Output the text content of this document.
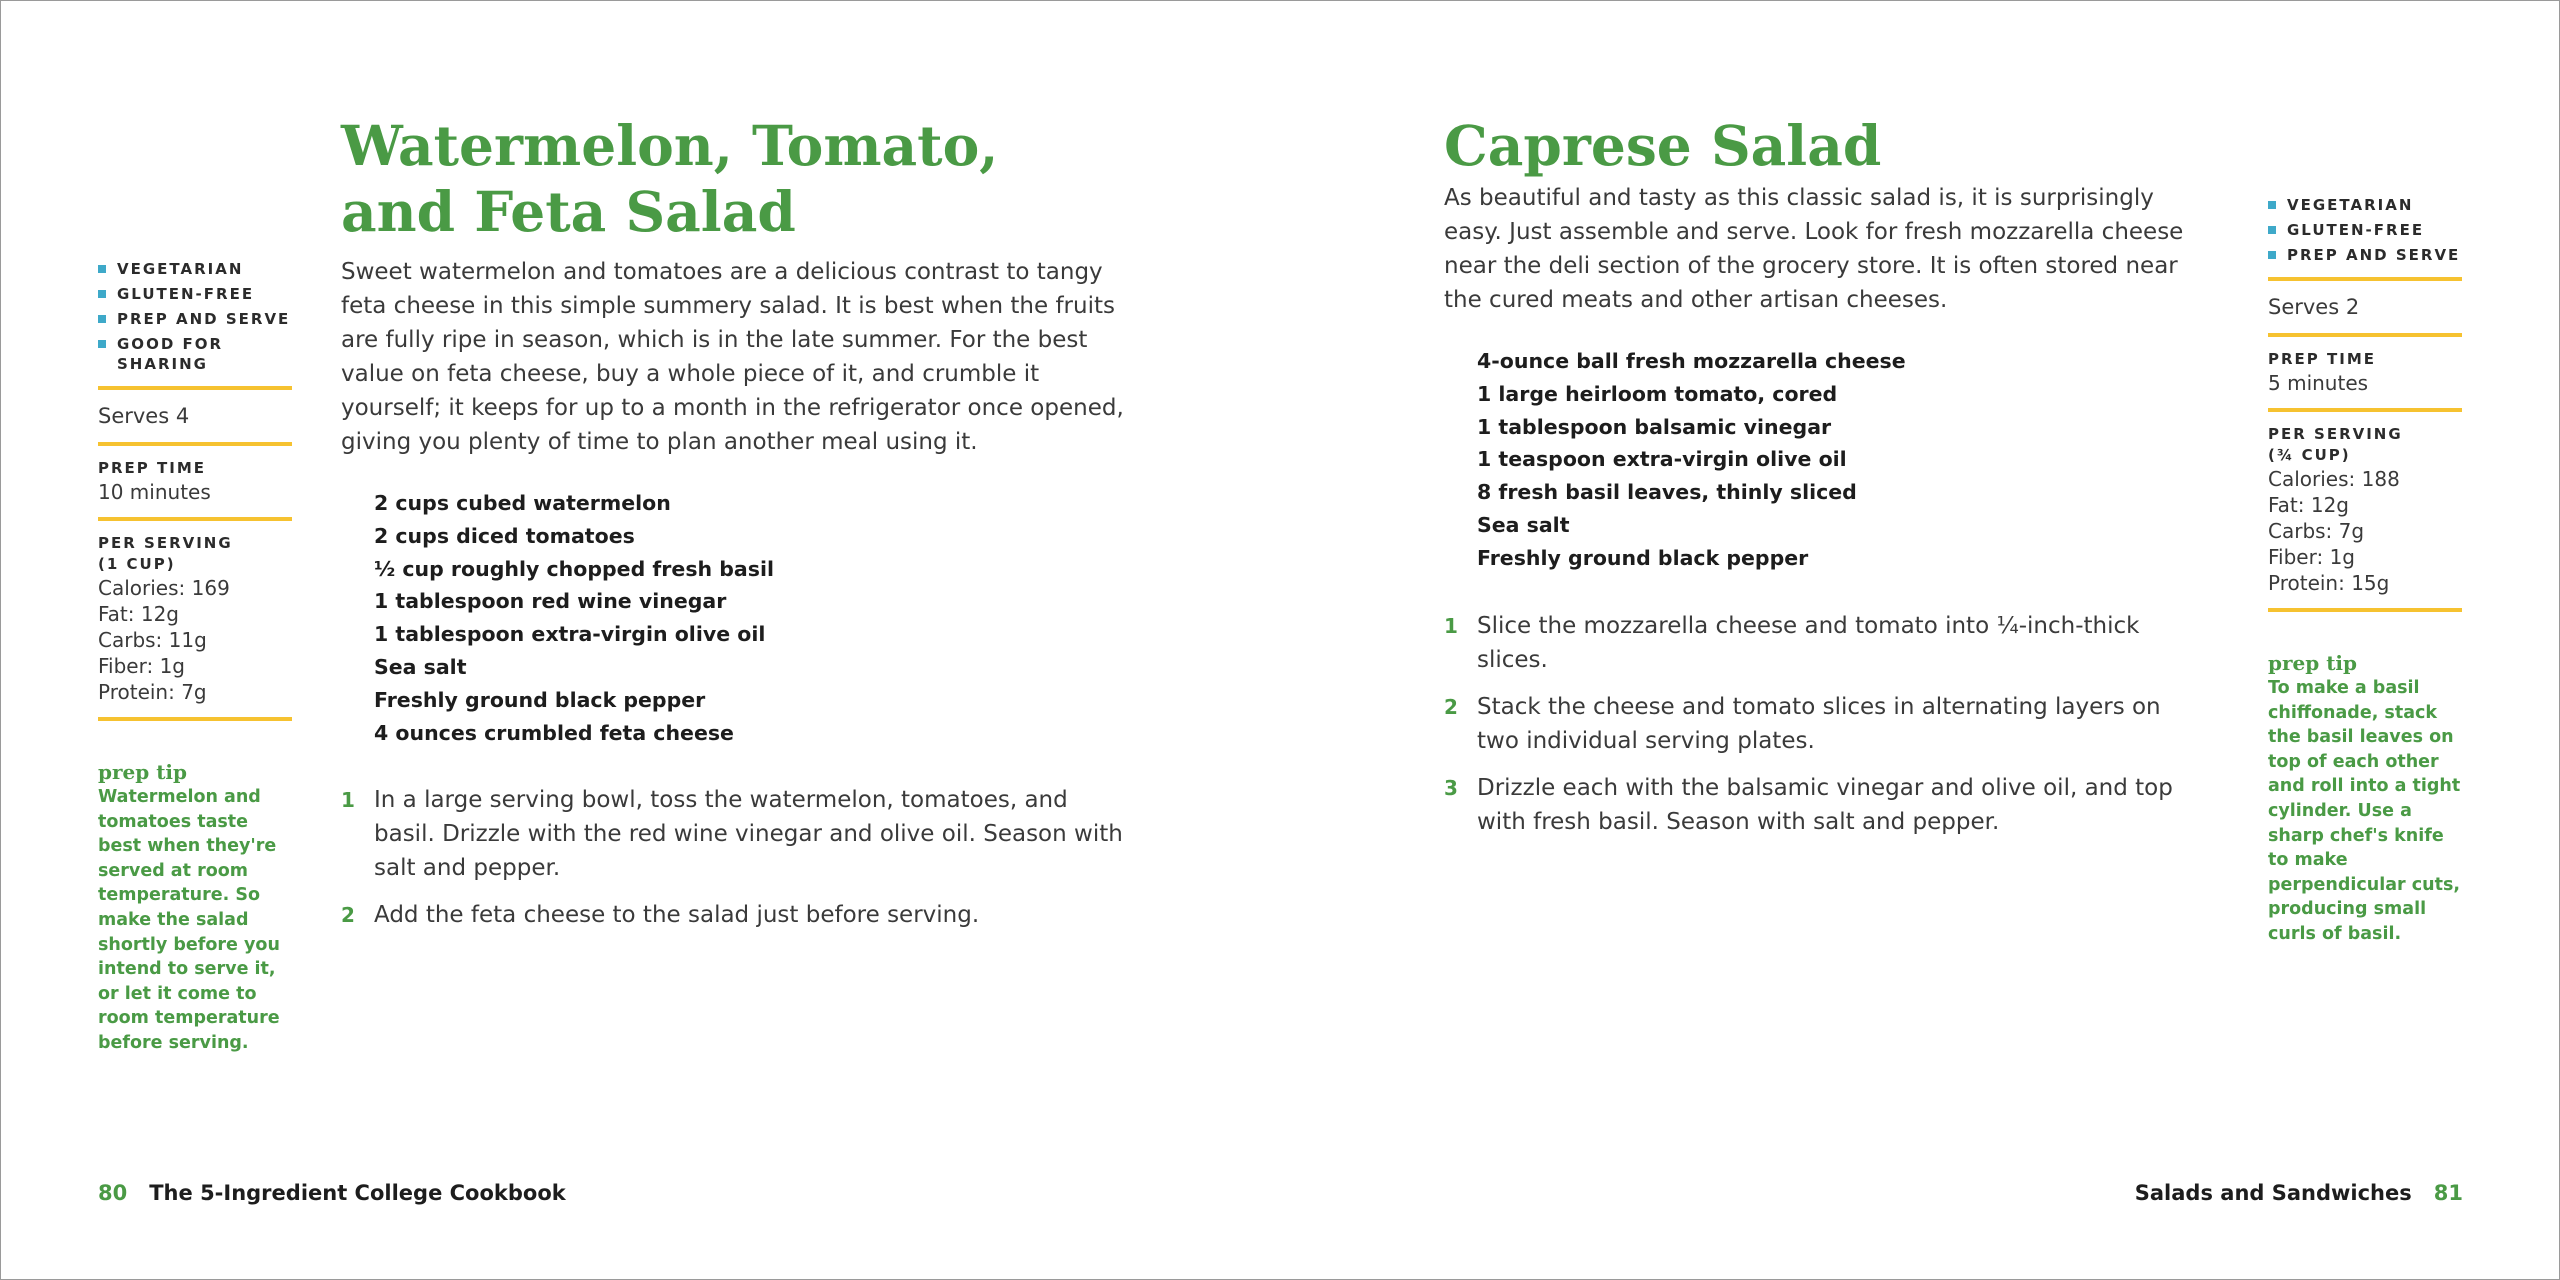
VEGETARIAN
GLUTEN-FREE
PREP AND SERVE
GOOD FOR SHARING
Serves 4
PREP TIME
10 minutes
PER SERVING
(1 CUP)
Calories: 169
Fat: 12g
Carbs: 11g
Fiber: 1g
Protein: 7g
prep tip
Watermelon and tomatoes taste best when they're served at room temperature. So make the salad shortly before you intend to serve it, or let it come to room temperature before serving.
Watermelon, Tomato, and Feta Salad

Sweet watermelon and tomatoes are a delicious contrast to tangy feta cheese in this simple summery salad. It is best when the fruits are fully ripe in season, which is in the late summer. For the best value on feta cheese, buy a whole piece of it, and crumble it yourself; it keeps for up to a month in the refrigerator once opened, giving you plenty of time to plan another meal using it.

2 cups cubed watermelon
2 cups diced tomatoes
½ cup roughly chopped fresh basil
1 tablespoon red wine vinegar
1 tablespoon extra-virgin olive oil
Sea salt
Freshly ground black pepper
4 ounces crumbled feta cheese
1 In a large serving bowl, toss the watermelon, tomatoes, and basil. Drizzle with the red wine vinegar and olive oil. Season with salt and pepper.
2 Add the feta cheese to the salad just before serving.
80 The 5-Ingredient College Cookbook
Caprese Salad

As beautiful and tasty as this classic salad is, it is surprisingly easy. Just assemble and serve. Look for fresh mozzarella cheese near the deli section of the grocery store. It is often stored near the cured meats and other artisan cheeses.

4-ounce ball fresh mozzarella cheese
1 large heirloom tomato, cored
1 tablespoon balsamic vinegar
1 teaspoon extra-virgin olive oil
8 fresh basil leaves, thinly sliced
Sea salt
Freshly ground black pepper
1 Slice the mozzarella cheese and tomato into ¼-inch-thick slices.
2 Stack the cheese and tomato slices in alternating layers on two individual serving plates.
3 Drizzle each with the balsamic vinegar and olive oil, and top with fresh basil. Season with salt and pepper.
VEGETARIAN
GLUTEN-FREE
PREP AND SERVE
Serves 2
PREP TIME
5 minutes
PER SERVING
(¾ CUP)
Calories: 188
Fat: 12g
Carbs: 7g
Fiber: 1g
Protein: 15g
prep tip
To make a basil chiffonade, stack the basil leaves on top of each other and roll into a tight cylinder. Use a sharp chef's knife to make perpendicular cuts, producing small curls of basil.
Salads and Sandwiches 81
